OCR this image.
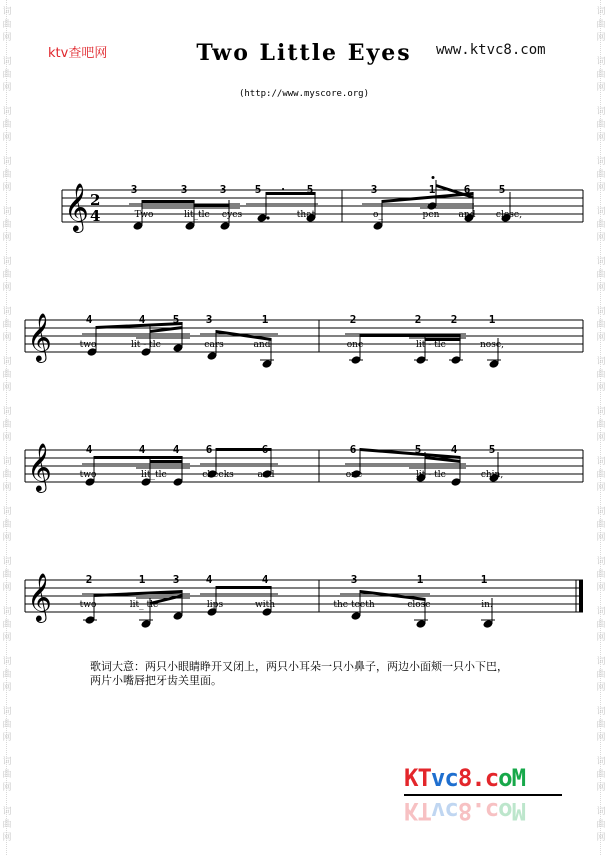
词
曲
网
词
曲
网
词
曲
网
词
曲
网
词
曲
网
词
曲
网
词
曲
网
词
曲
网
词
曲
网
词
曲
网
词
曲
网
词
曲
网
词
曲
网
词
曲
网
词
曲
网
词
曲
网
词
曲
网
词
曲
网
词
曲
网
词
曲
网
词
曲
网
词
曲
网
词
曲
网
词
曲
网
词
曲
网
词
曲
网
词
曲
网
词
曲
网
词
曲
网
词
曲
网
词
曲
网
词
曲
网
词
曲
网
词
曲
网
ktv查吧网	Two Little Eyes	www.ktvc8.com
(http://www.myscore.org)
𝄞 2
4
3	3	3	5 · 5	3	1	6	5
Two	lit_tle eyes	that	o_	pen and close,
𝄞	4	4 5 3	1	2	2	2	1
two	lit - tle	ears	and	one	lit - tle	nose,
𝄞	4	4 4 6	6	6	5	4	5
two	lit_tle	cheeks	and	one	lit - tle	chin,
𝄞	2	1 3 4	4	3	1	1
two	lit_ tle	lips	with	the teeth	close	in.
歌词大意：两只小眼睛睁开又闭上，两只小耳朵一只小鼻子，两边小面颊一只小下巴，
两片小嘴唇把牙齿关里面。
KTvc8.coM
KTvc8.coM
